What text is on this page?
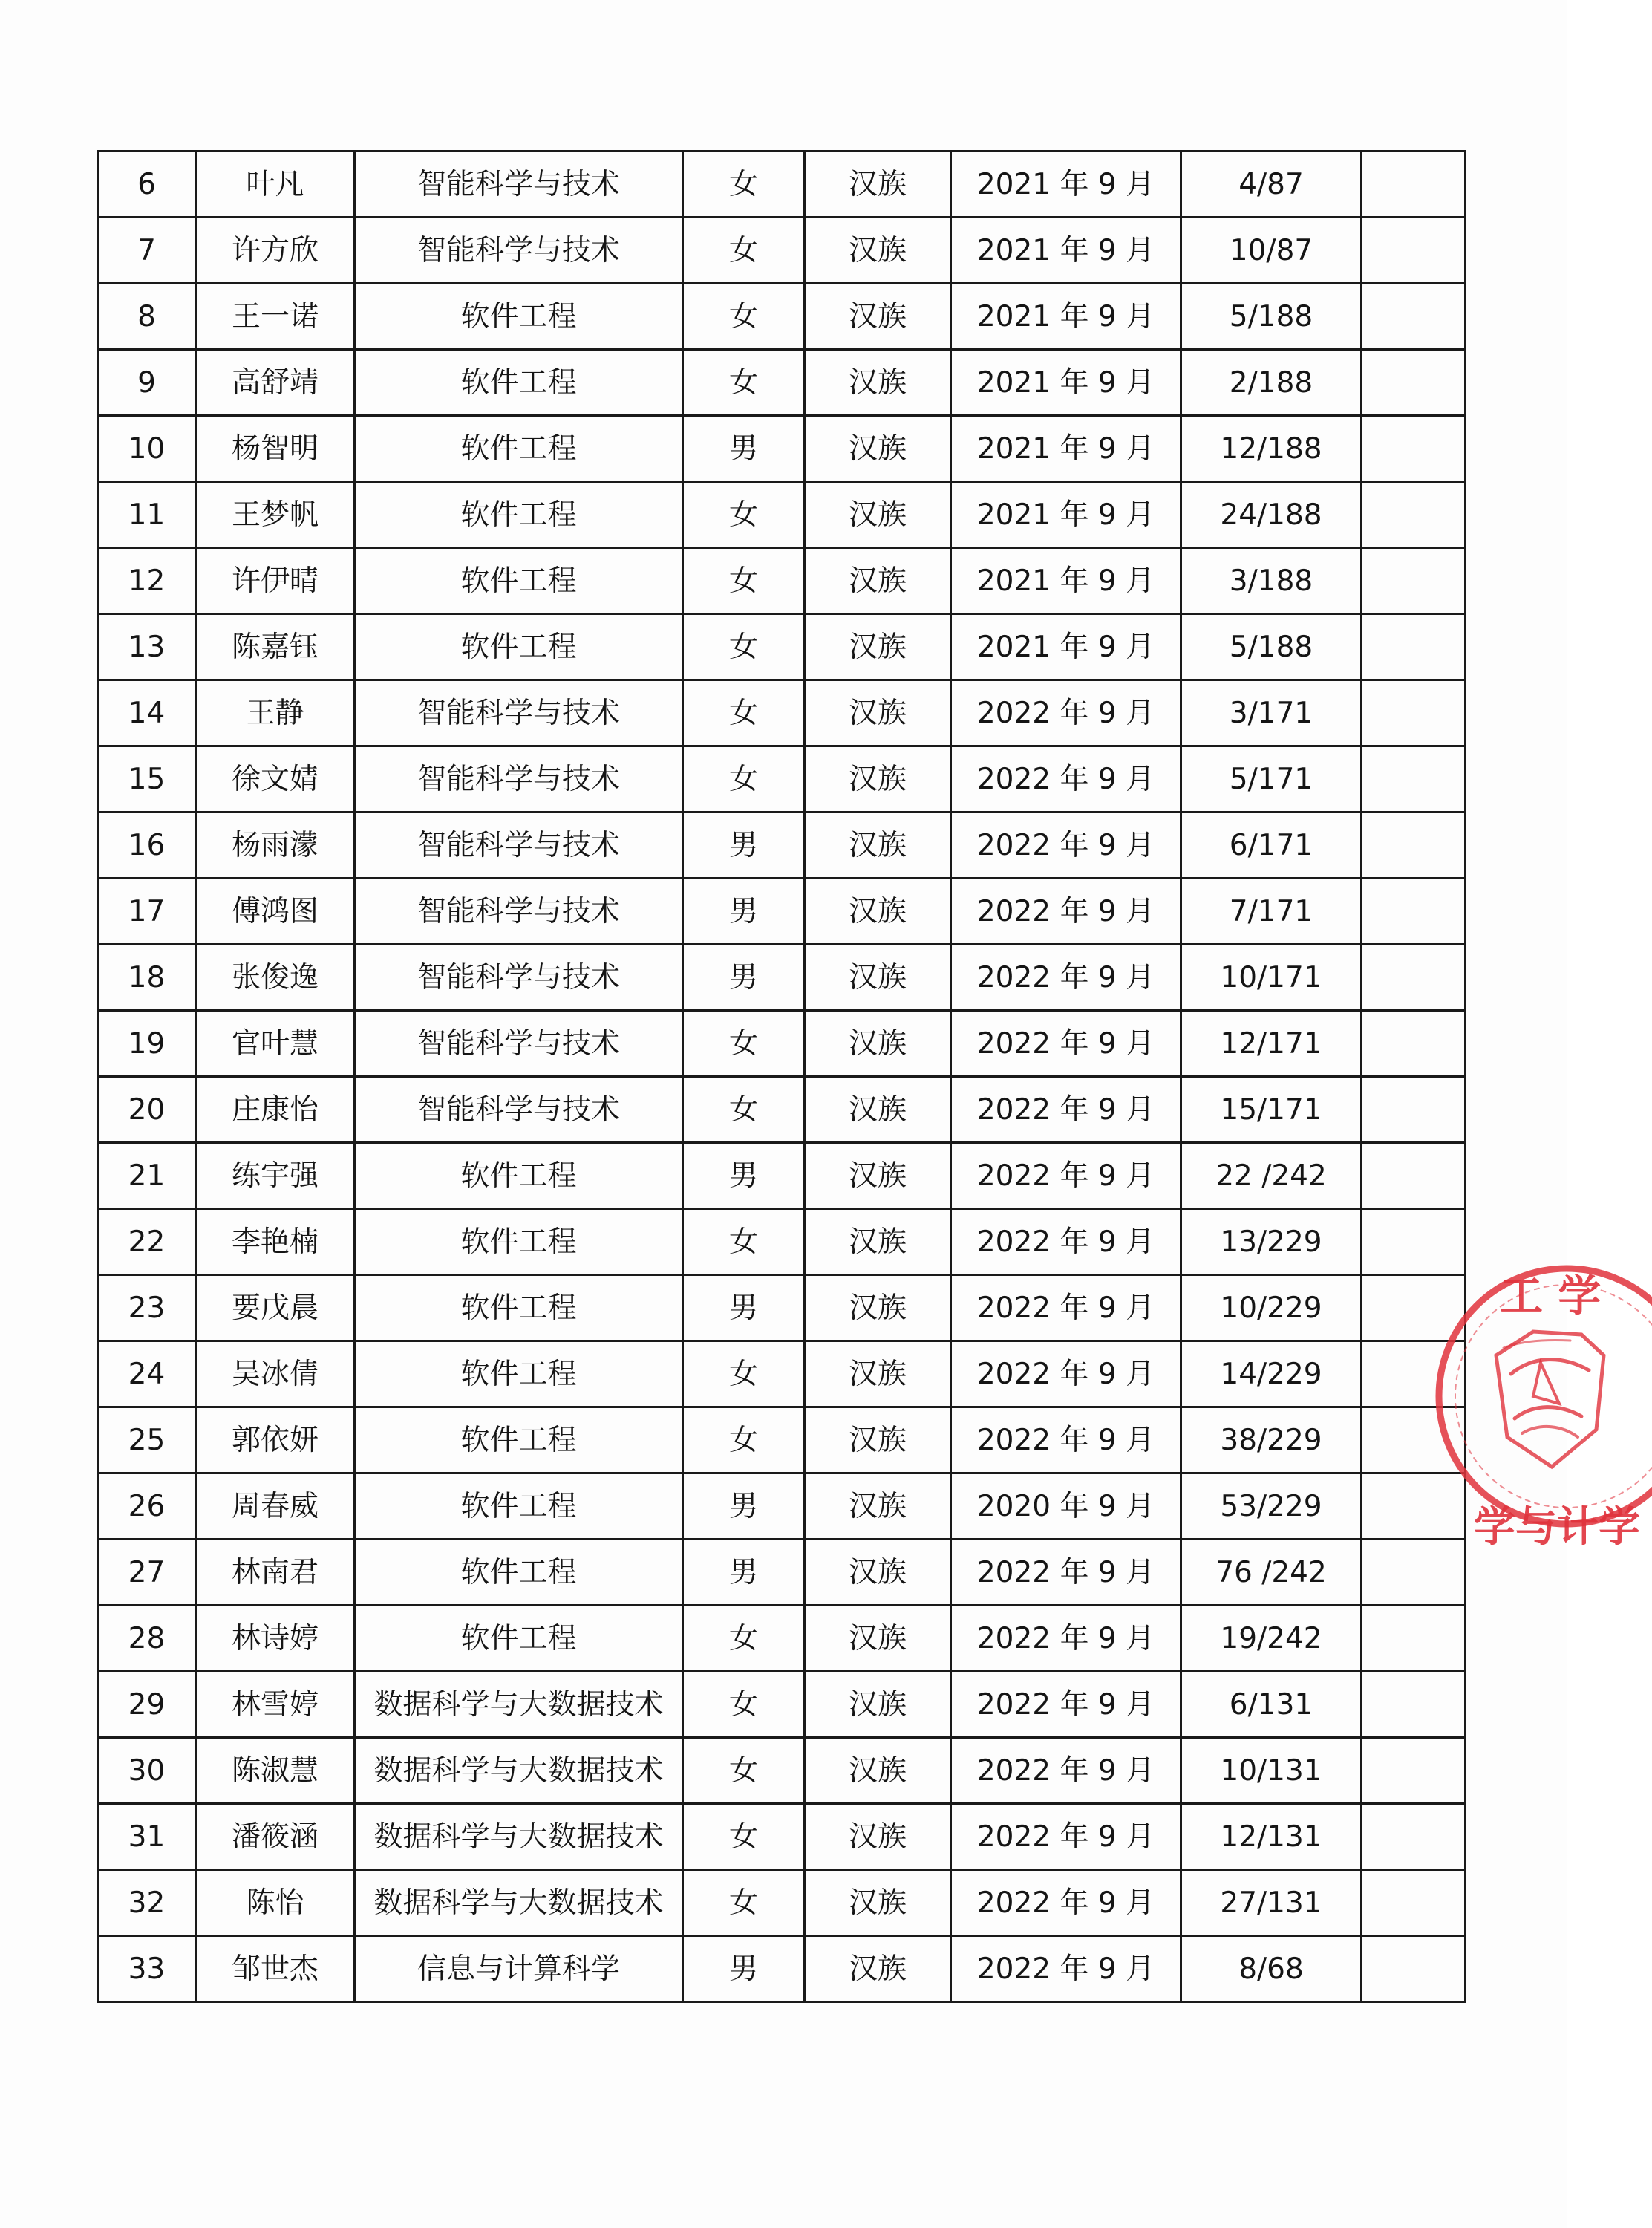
6	叶凡	智能科学与技术	女	汉族	2021 年 9 月	4/87	
7	许方欣	智能科学与技术	女	汉族	2021 年 9 月	10/87	
8	王一诺	软件工程	女	汉族	2021 年 9 月	5/188	
9	高舒靖	软件工程	女	汉族	2021 年 9 月	2/188	
10	杨智明	软件工程	男	汉族	2021 年 9 月	12/188	
11	王梦帆	软件工程	女	汉族	2021 年 9 月	24/188	
12	许伊晴	软件工程	女	汉族	2021 年 9 月	3/188	
13	陈嘉钰	软件工程	女	汉族	2021 年 9 月	5/188	
14	王静	智能科学与技术	女	汉族	2022 年 9 月	3/171	
15	徐文婧	智能科学与技术	女	汉族	2022 年 9 月	5/171	
16	杨雨濛	智能科学与技术	男	汉族	2022 年 9 月	6/171	
17	傅鸿图	智能科学与技术	男	汉族	2022 年 9 月	7/171	
18	张俊逸	智能科学与技术	男	汉族	2022 年 9 月	10/171	
19	官叶慧	智能科学与技术	女	汉族	2022 年 9 月	12/171	
20	庄康怡	智能科学与技术	女	汉族	2022 年 9 月	15/171	
21	练宇强	软件工程	男	汉族	2022 年 9 月	22 /242	
22	李艳楠	软件工程	女	汉族	2022 年 9 月	13/229	
23	要戊晨	软件工程	男	汉族	2022 年 9 月	10/229	
24	吴冰倩	软件工程	女	汉族	2022 年 9 月	14/229	
25	郭依妍	软件工程	女	汉族	2022 年 9 月	38/229	
26	周春威	软件工程	男	汉族	2020 年 9 月	53/229	
27	林南君	软件工程	男	汉族	2022 年 9 月	76 /242	
28	林诗婷	软件工程	女	汉族	2022 年 9 月	19/242	
29	林雪婷	数据科学与大数据技术	女	汉族	2022 年 9 月	6/131	
30	陈淑慧	数据科学与大数据技术	女	汉族	2022 年 9 月	10/131	
31	潘筱涵	数据科学与大数据技术	女	汉族	2022 年 9 月	12/131	
32	陈怡	数据科学与大数据技术	女	汉族	2022 年 9 月	27/131	
33	邹世杰	信息与计算科学	男	汉族	2022 年 9 月	8/68	
工 学
学与计学
